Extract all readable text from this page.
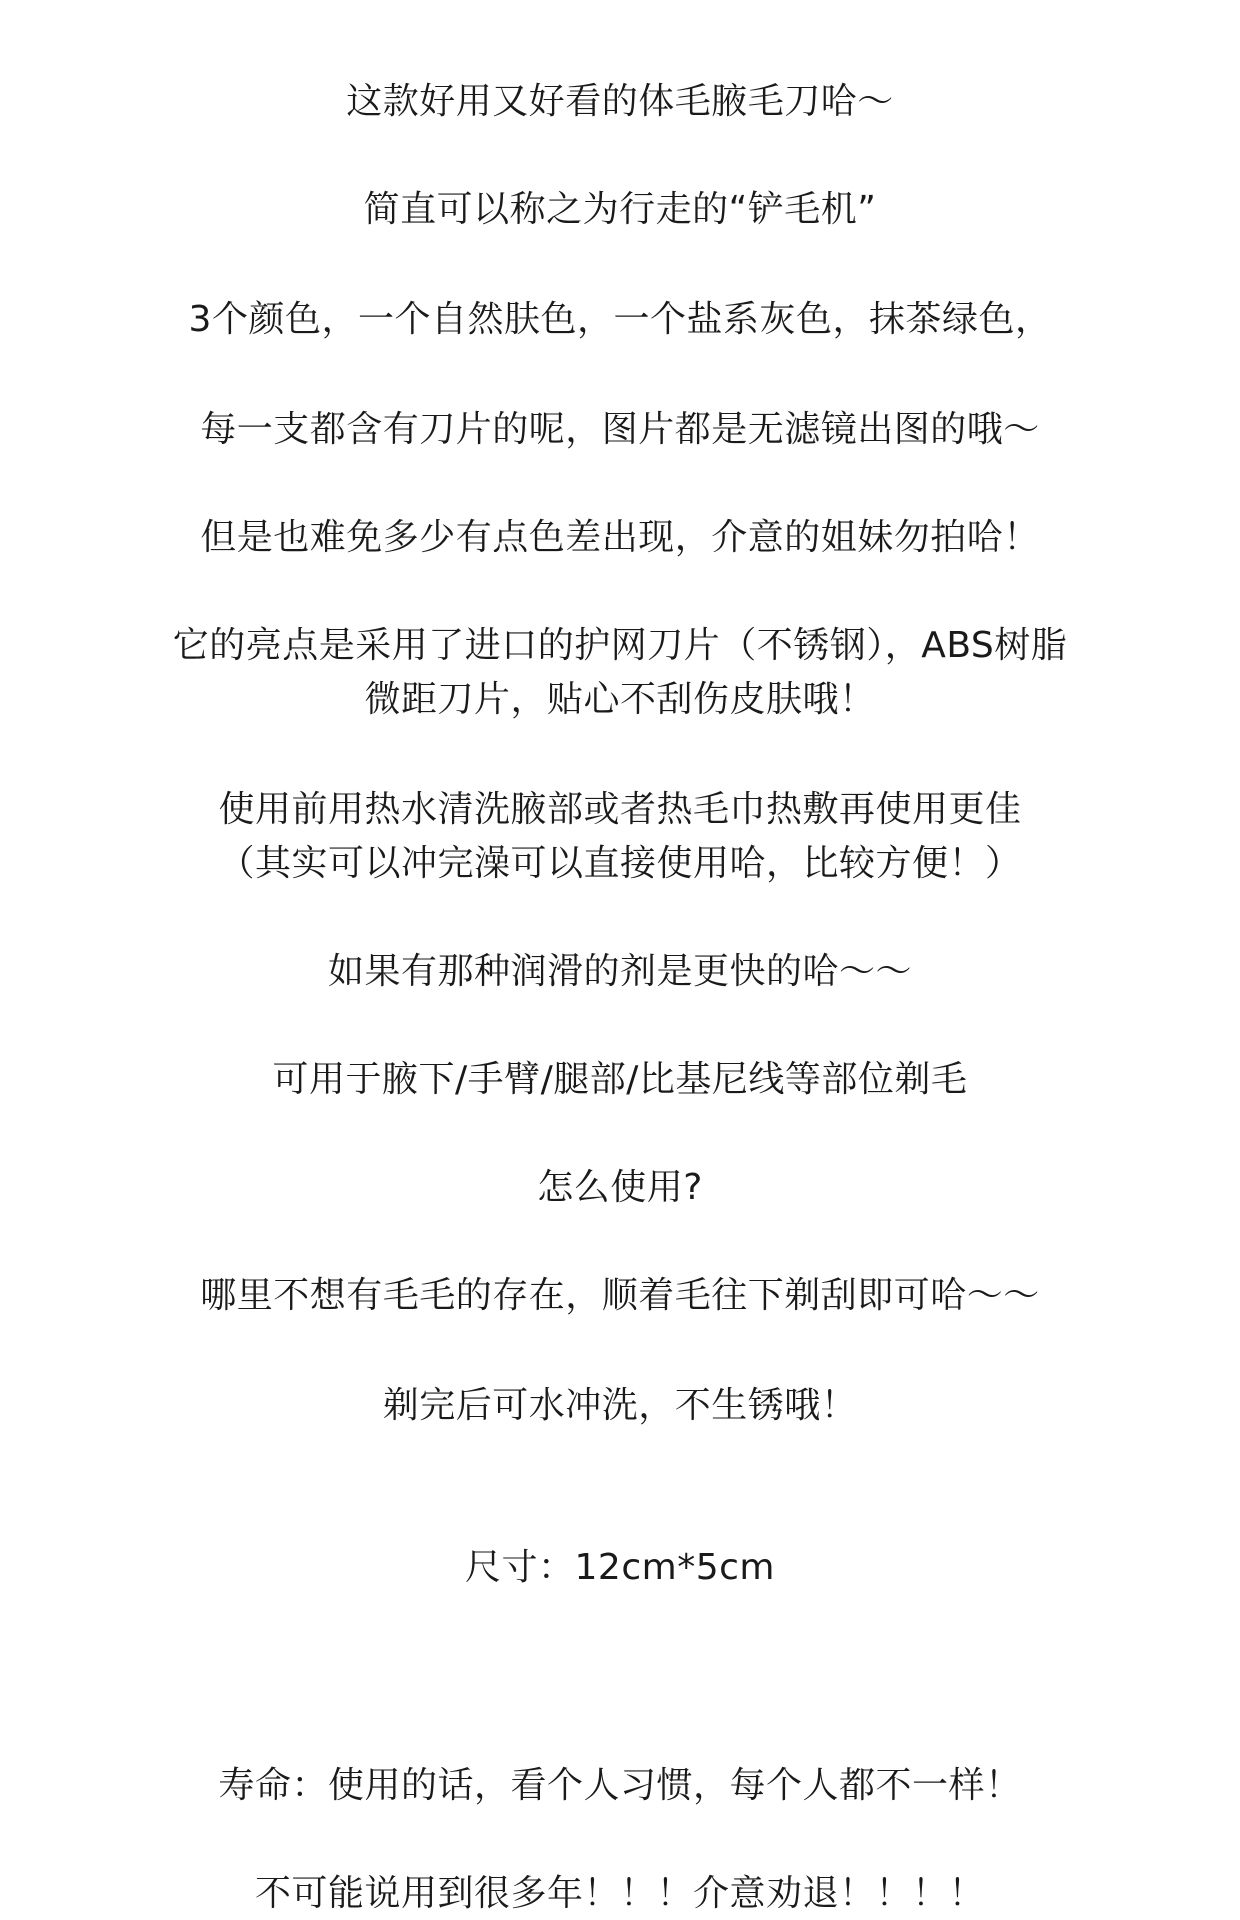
这款好用又好看的体毛腋毛刀哈～
简直可以称之为行走的“铲毛机”
3个颜色，一个自然肤色，一个盐系灰色，抹茶绿色，
每一支都含有刀片的呢，图片都是无滤镜出图的哦～
但是也难免多少有点色差出现，介意的姐妹勿拍哈！
它的亮点是采用了进口的护网刀片（不锈钢），ABS树脂
微距刀片，贴心不刮伤皮肤哦！
使用前用热水清洗腋部或者热毛巾热敷再使用更佳
（其实可以冲完澡可以直接使用哈，比较方便！）
如果有那种润滑的剂是更快的哈～～
可用于腋下/手臂/腿部/比基尼线等部位剃毛
怎么使用?
哪里不想有毛毛的存在，顺着毛往下剃刮即可哈～～
剃完后可水冲洗，不生锈哦！
尺寸：12cm*5cm
寿命：使用的话，看个人习惯，每个人都不一样！
不可能说用到很多年！！！介意劝退！！！！
